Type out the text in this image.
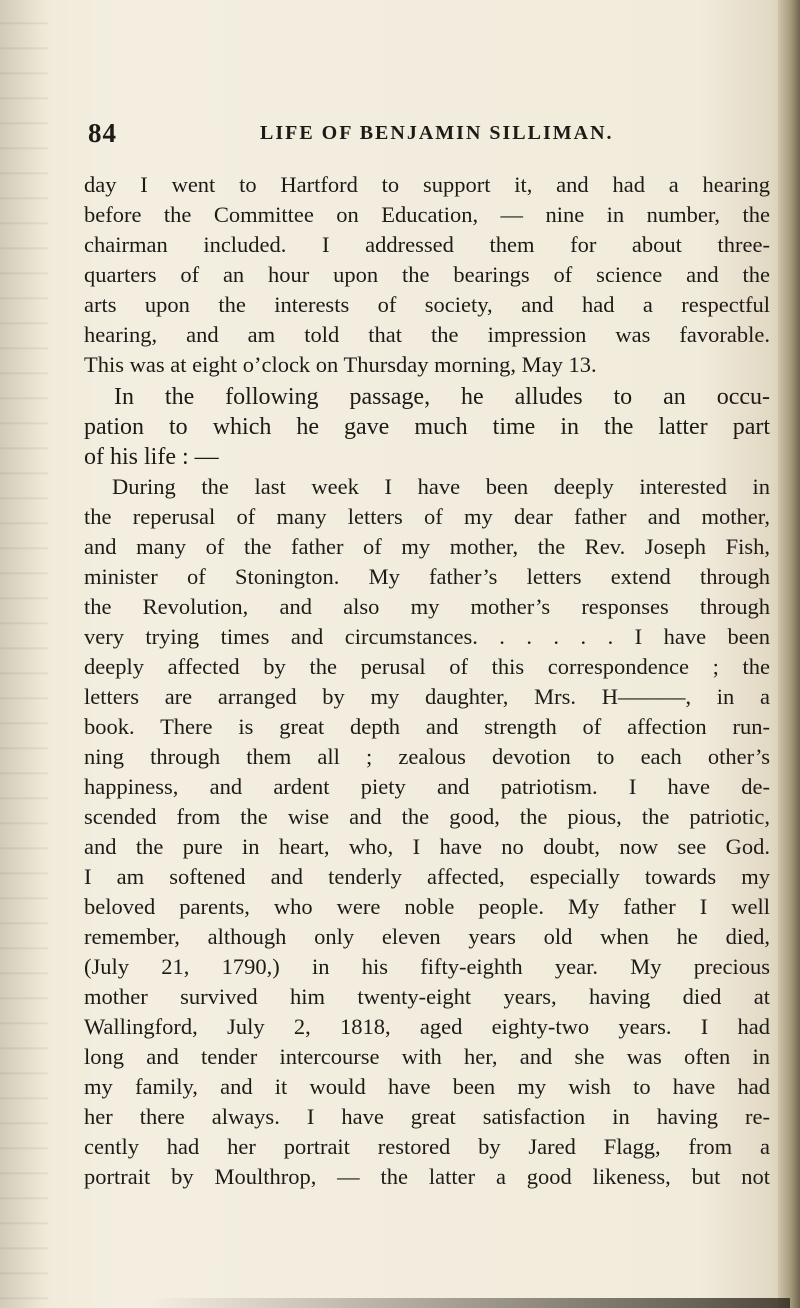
84	LIFE OF BENJAMIN SILLIMAN.
day I went to Hartford to support it, and had a hearing
before the Committee on Education, — nine in number, the
chairman included. I addressed them for about three-
quarters of an hour upon the bearings of science and the
arts upon the interests of society, and had a respectful
hearing, and am told that the impression was favorable.
This was at eight o’clock on Thursday morning, May 13.
In the following passage, he alludes to an occu-
pation to which he gave much time in the latter part
of his life : —
During the last week I have been deeply interested in
the reperusal of many letters of my dear father and mother,
and many of the father of my mother, the Rev. Joseph Fish,
minister of Stonington. My father’s letters extend through
the Revolution, and also my mother’s responses through
very trying times and circumstances. . . . . . I have been
deeply affected by the perusal of this correspondence ; the
letters are arranged by my daughter, Mrs. H———, in a
book. There is great depth and strength of affection run-
ning through them all ; zealous devotion to each other’s
happiness, and ardent piety and patriotism. I have de-
scended from the wise and the good, the pious, the patriotic,
and the pure in heart, who, I have no doubt, now see God.
I am softened and tenderly affected, especially towards my
beloved parents, who were noble people. My father I well
remember, although only eleven years old when he died,
(July 21, 1790,) in his fifty-eighth year. My precious
mother survived him twenty-eight years, having died at
Wallingford, July 2, 1818, aged eighty-two years. I had
long and tender intercourse with her, and she was often in
my family, and it would have been my wish to have had
her there always. I have great satisfaction in having re-
cently had her portrait restored by Jared Flagg, from a
portrait by Moulthrop, — the latter a good likeness, but not
